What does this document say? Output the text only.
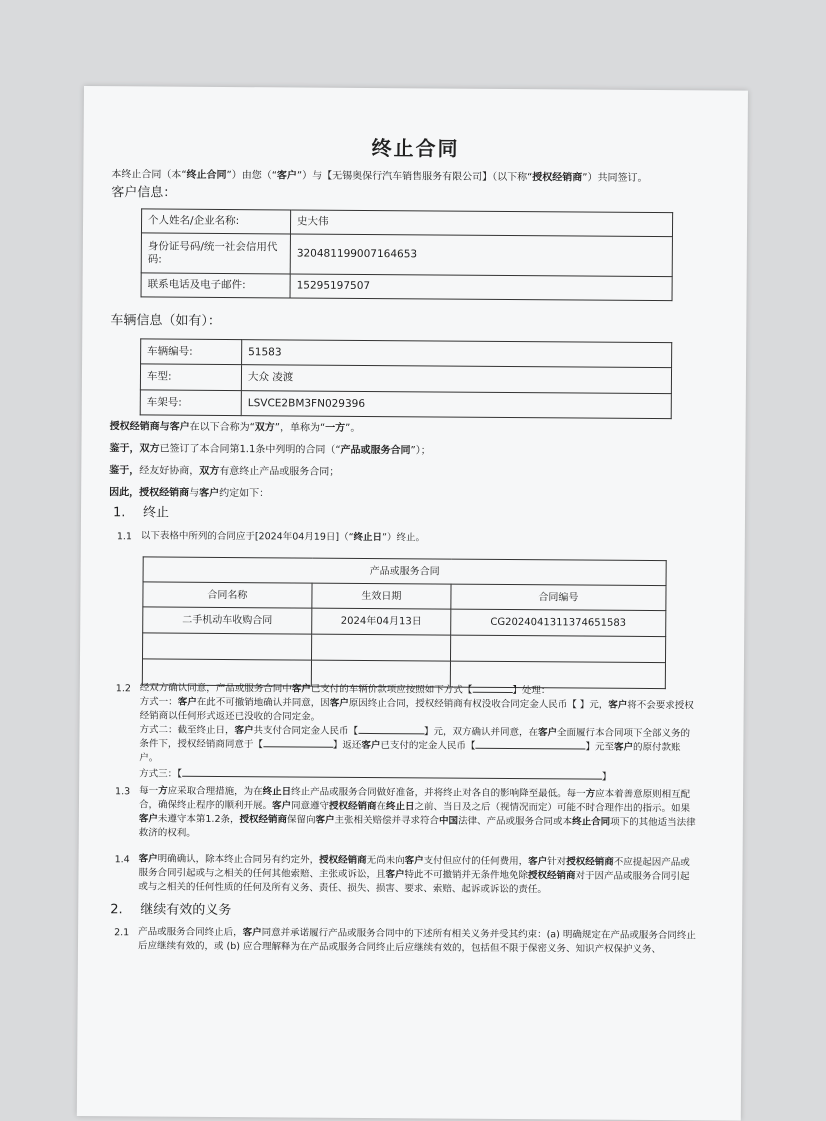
终止合同
本终止合同（本“终止合同”）由您（“客户”）与【无锡奥保行汽车销售服务有限公司】（以下称“授权经销商”）共同签订。
客户信息：
个人姓名/企业名称:	史大伟
身份证号码/统一社会信用代码:	320481199007164653
联系电话及电子邮件:	15295197507
车辆信息（如有）：
车辆编号:	51583
车型:	大众 凌渡
车架号:	LSVCE2BM3FN029396
授权经销商与客户在以下合称为“双方”，单称为“一方”。
鉴于，双方已签订了本合同第1.1条中列明的合同（“产品或服务合同”）；
鉴于，经友好协商，双方有意终止产品或服务合同；
因此，授权经销商与客户约定如下：
1. 终止
1.1 以下表格中所列的合同应于[2024年04月19日]（“终止日”）终止。
产品或服务合同		
合同名称	生效日期	合同编号
二手机动车收购合同	2024年04月13日	CG2024041311374651583

1.2 经双方确认同意，产品或服务合同中客户已支付的车辆价款项应按照如下方式【	】处理：
方式一：客户在此不可撤销地确认并同意，因客户原因终止合同，授权经销商有权没收合同定金人民币【 】元，客户将不会要求授权经销商以任何形式返还已没收的合同定金。
方式二：截至终止日，客户共支付合同定金人民币【	】元，双方确认并同意，在客户全面履行本合同项下全部义务的条件下，授权经销商同意于【	】返还客户已支付的定金人民币【	】元至客户的原付款账户。
方式三：【	】
1.3 每一方应采取合理措施，为在终止日终止产品或服务合同做好准备，并将终止对各自的影响降至最低。每一方应本着善意原则相互配合，确保终止程序的顺利开展。客户同意遵守授权经销商在终止日之前、当日及之后（视情况而定）可能不时合理作出的指示。如果客户未遵守本第1.2条，授权经销商保留向客户主张相关赔偿并寻求符合中国法律、产品或服务合同或本终止合同项下的其他适当法律救济的权利。
1.4 客户明确确认，除本终止合同另有约定外，授权经销商无尚未向客户支付但应付的任何费用，客户针对授权经销商不应提起因产品或服务合同引起或与之相关的任何其他索赔、主张或诉讼，且客户特此不可撤销并无条件地免除授权经销商对于因产品或服务合同引起或与之相关的任何性质的任何及所有义务、责任、损失、损害、要求、索赔、起诉或诉讼的责任。
2. 继续有效的义务
2.1 产品或服务合同终止后，客户同意并承诺履行产品或服务合同中的下述所有相关义务并受其约束：(a) 明确规定在产品或服务合同终止后应继续有效的，或 (b) 应合理解释为在产品或服务合同终止后应继续有效的，包括但不限于保密义务、知识产权保护义务、
